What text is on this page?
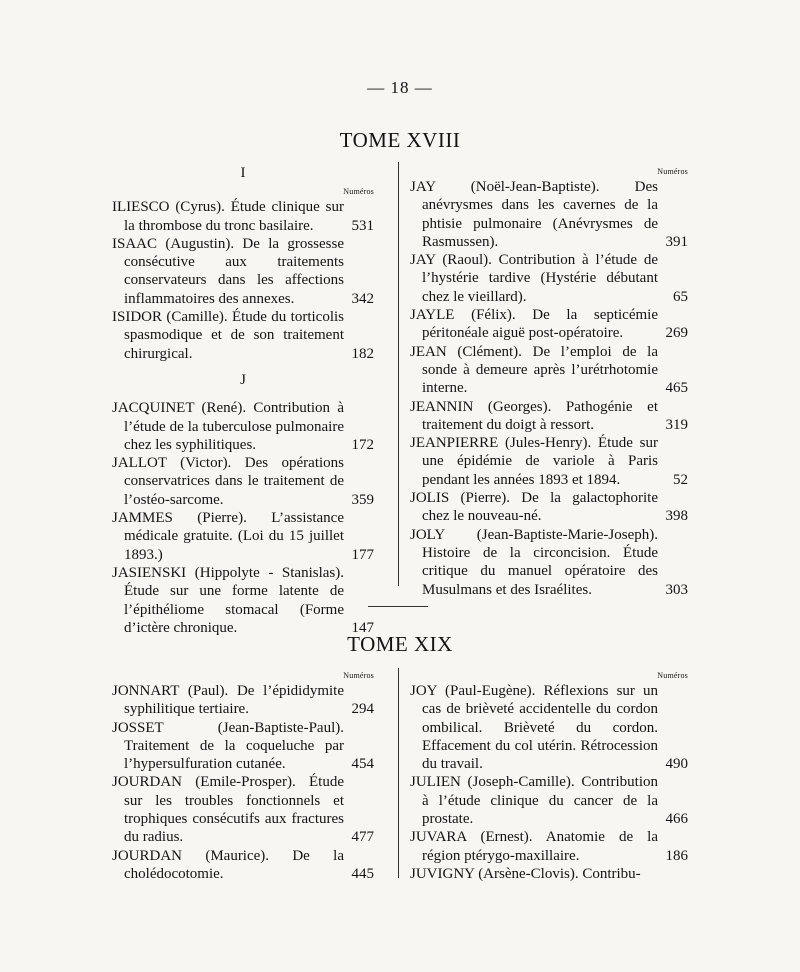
— 18 —
TOME XVIII
I
Numéros
ILIESCO (Cyrus). Étude clinique sur la thrombose du tronc basilaire.	531
ISAAC (Augustin). De la grossesse consécutive aux traitements conservateurs dans les affections inflammatoires des annexes.	342
ISIDOR (Camille). Étude du torticolis spasmodique et de son traitement chirurgical.	182
J
JACQUINET (René). Contribution à l’étude de la tuberculose pulmonaire chez les syphilitiques.	172
JALLOT (Victor). Des opérations conservatrices dans le traitement de l’ostéo-sarcome.	359
JAMMES (Pierre). L’assistance médicale gratuite. (Loi du 15 juillet 1893.)	177
JASIENSKI (Hippolyte - Stanislas). Étude sur une forme latente de l’épithéliome stomacal (Forme d’ictère chronique.	147
Numéros
JAY (Noël-Jean-Baptiste). Des anévrysmes dans les cavernes de la phtisie pulmonaire (Anévrysmes de Rasmussen).	391
JAY (Raoul). Contribution à l’étude de l’hystérie tardive (Hystérie débutant chez le vieillard).	65
JAYLE (Félix). De la septicémie péritonéale aiguë post-opératoire.	269
JEAN (Clément). De l’emploi de la sonde à demeure après l’urétrhotomie interne.	465
JEANNIN (Georges). Pathogénie et traitement du doigt à ressort.	319
JEANPIERRE (Jules-Henry). Étude sur une épidémie de variole à Paris pendant les années 1893 et 1894.	52
JOLIS (Pierre). De la galactophorite chez le nouveau-né.	398
JOLY (Jean-Baptiste-Marie-Joseph). Histoire de la circoncision. Étude critique du manuel opératoire des Musulmans et des Israélites.	303
TOME XIX
Numéros
JONNART (Paul). De l’épididymite syphilitique tertiaire.	294
JOSSET (Jean-Baptiste-Paul). Traitement de la coqueluche par l’hypersulfuration cutanée.	454
JOURDAN (Emile-Prosper). Étude sur les troubles fonctionnels et trophiques consécutifs aux fractures du radius.	477
JOURDAN (Maurice). De la cholédocotomie.	445
Numéros
JOY (Paul-Eugène). Réflexions sur un cas de brièveté accidentelle du cordon ombilical. Brièveté du cordon. Effacement du col utérin. Rétrocession du travail.	490
JULIEN (Joseph-Camille). Contribution à l’étude clinique du cancer de la prostate.	466
JUVARA (Ernest). Anatomie de la région ptérygo-maxillaire.	186
JUVIGNY (Arsène-Clovis). Contribu-
